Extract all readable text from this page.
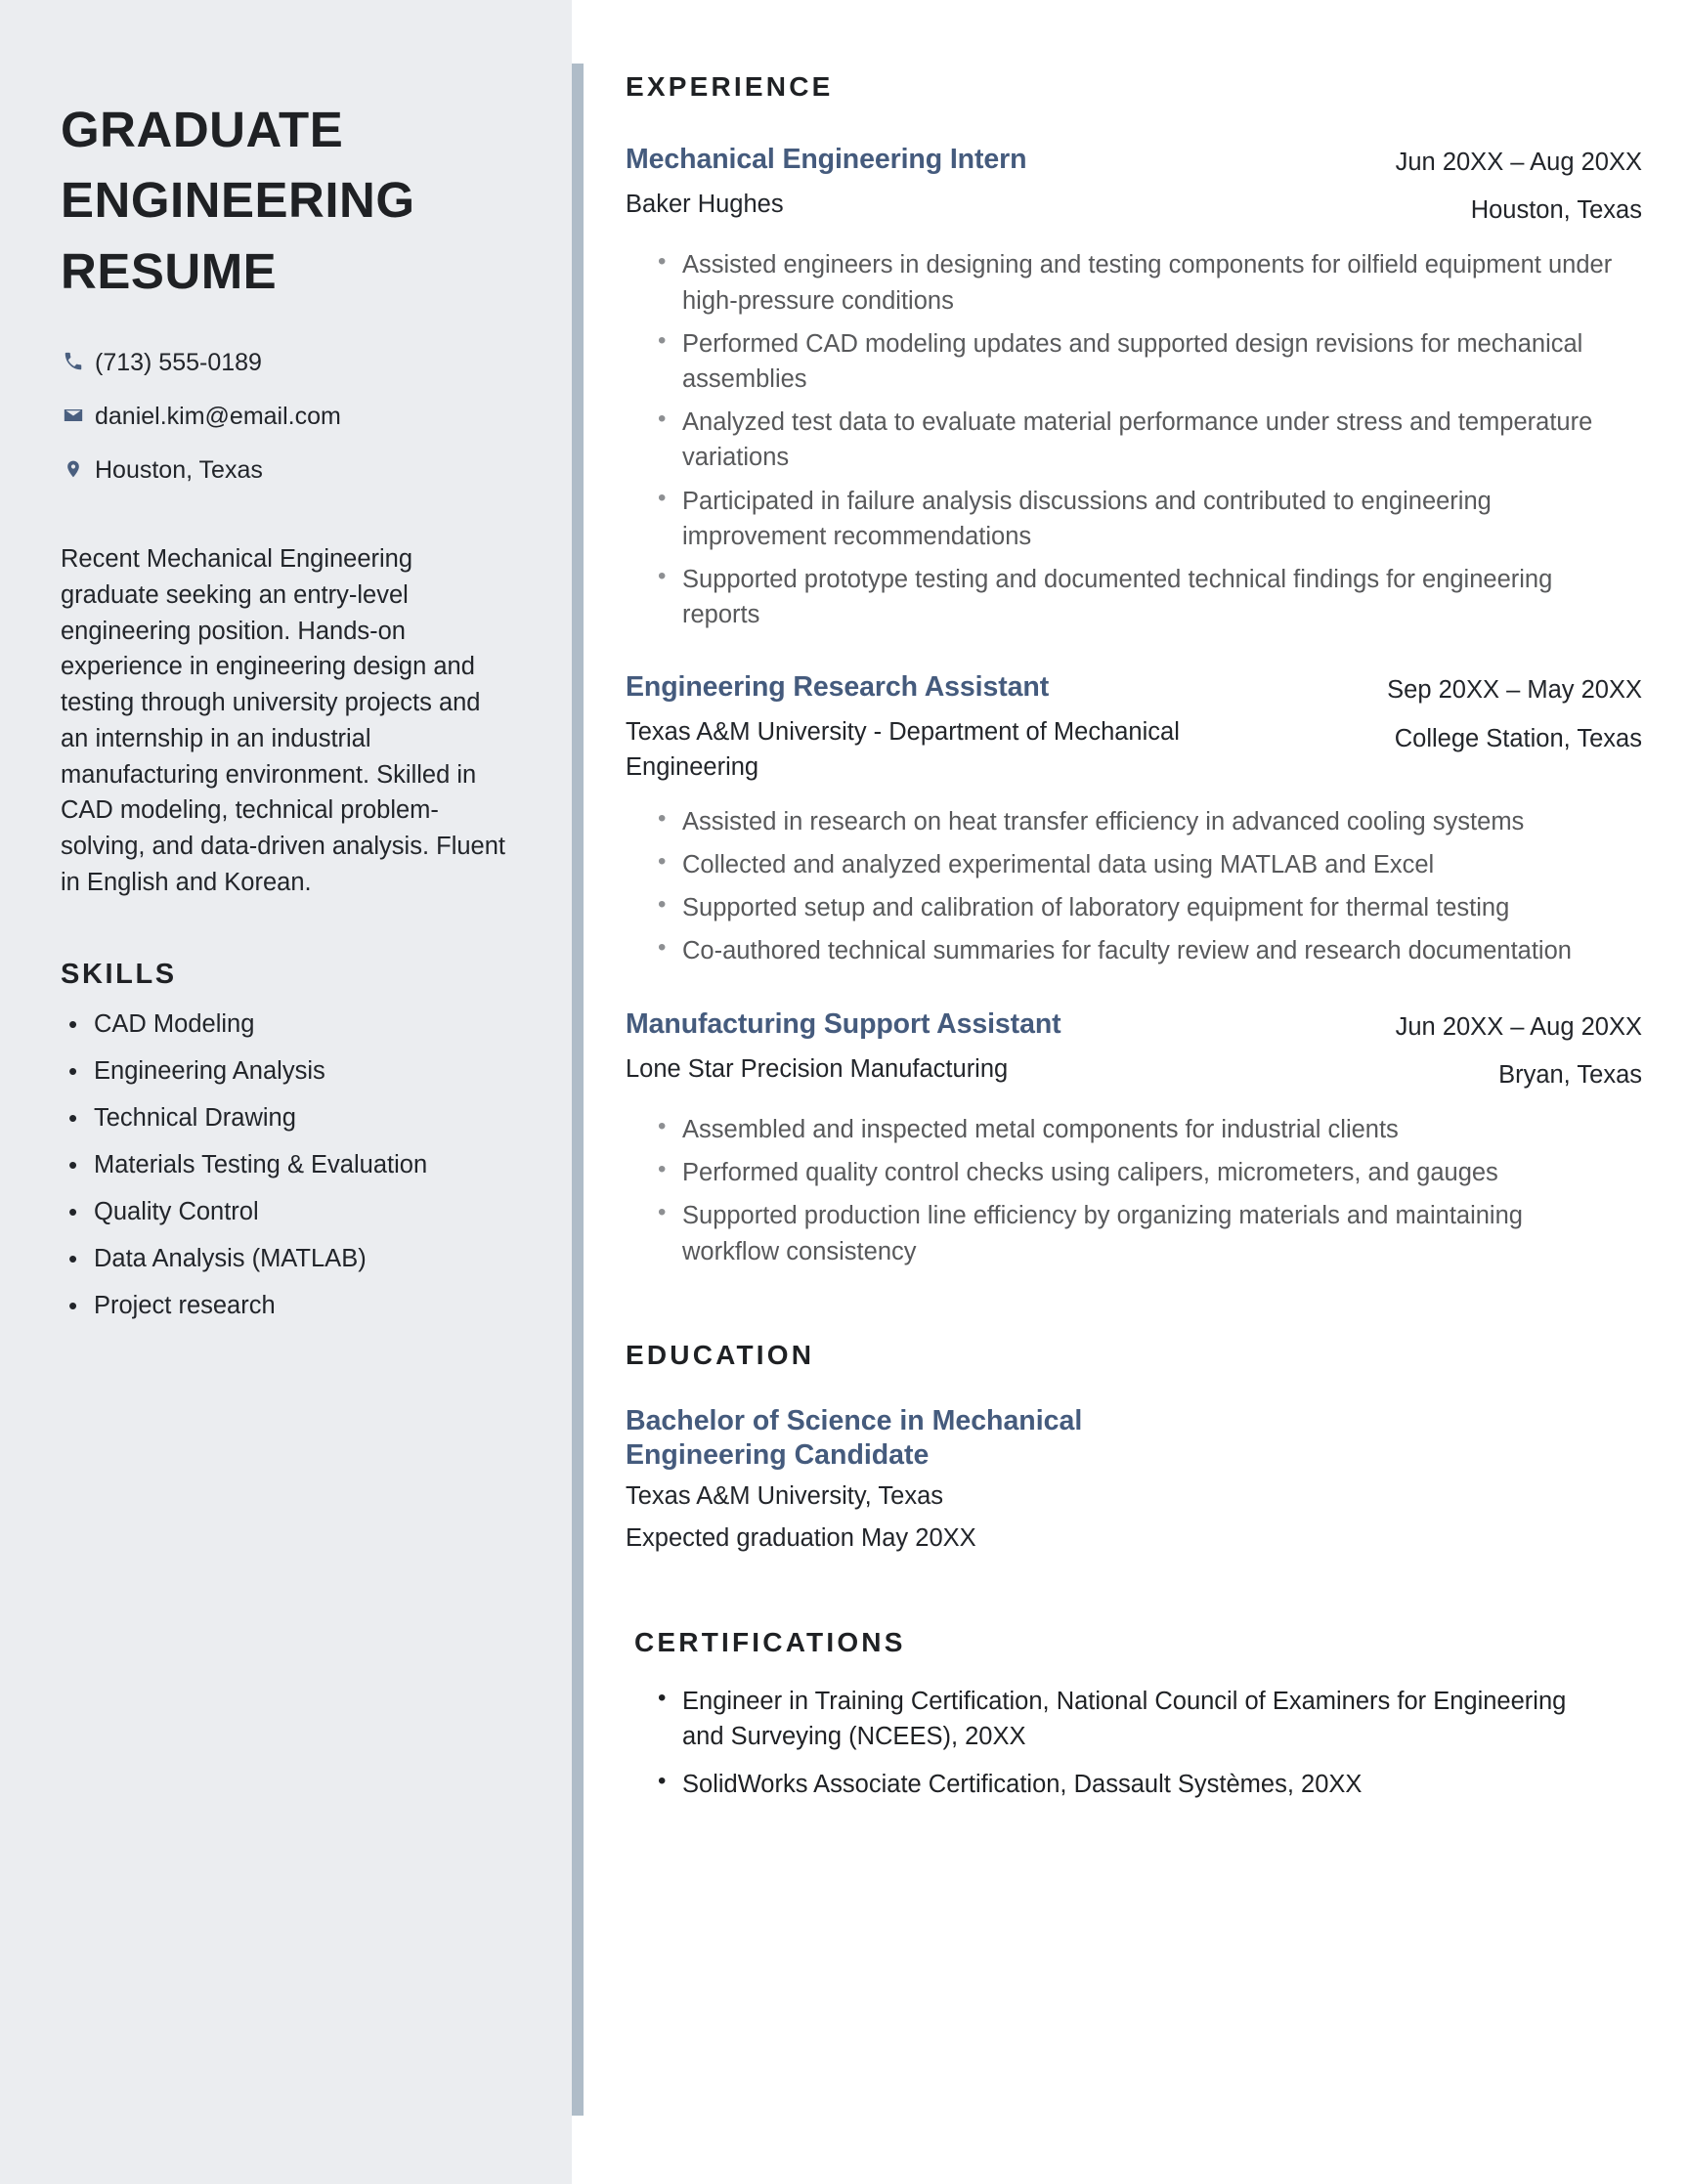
GRADUATE ENGINEERING RESUME
(713) 555-0189
daniel.kim@email.com
Houston, Texas

Recent Mechanical Engineering graduate seeking an entry-level engineering position. Hands-on experience in engineering design and testing through university projects and an internship in an industrial manufacturing environment. Skilled in CAD modeling, technical problem-solving, and data-driven analysis. Fluent in English and Korean.

SKILLS
• CAD Modeling
• Engineering Analysis
• Technical Drawing
• Materials Testing & Evaluation
• Quality Control
• Data Analysis (MATLAB)
• Project research
EXPERIENCE
Mechanical Engineering Intern

Baker Hughes

Jun 20XX – Aug 20XX

Houston, Texas

• Assisted engineers in designing and testing components for oilfield equipment under high-pressure conditions
• Performed CAD modeling updates and supported design revisions for mechanical assemblies
• Analyzed test data to evaluate material performance under stress and temperature variations
• Participated in failure analysis discussions and contributed to engineering improvement recommendations
• Supported prototype testing and documented technical findings for engineering reports
Engineering Research Assistant

Texas A&M University - Department of Mechanical Engineering

Sep 20XX – May 20XX

College Station, Texas

• Assisted in research on heat transfer efficiency in advanced cooling systems
• Collected and analyzed experimental data using MATLAB and Excel
• Supported setup and calibration of laboratory equipment for thermal testing
• Co-authored technical summaries for faculty review and research documentation
Manufacturing Support Assistant

Lone Star Precision Manufacturing

Jun 20XX – Aug 20XX

Bryan, Texas

• Assembled and inspected metal components for industrial clients
• Performed quality control checks using calipers, micrometers, and gauges
• Supported production line efficiency by organizing materials and maintaining workflow consistency
EDUCATION
Bachelor of Science in Mechanical Engineering Candidate

Texas A&M University, Texas

Expected graduation May 20XX

CERTIFICATIONS
• Engineer in Training Certification, National Council of Examiners for Engineering and Surveying (NCEES), 20XX
• SolidWorks Associate Certification, Dassault Systèmes, 20XX
